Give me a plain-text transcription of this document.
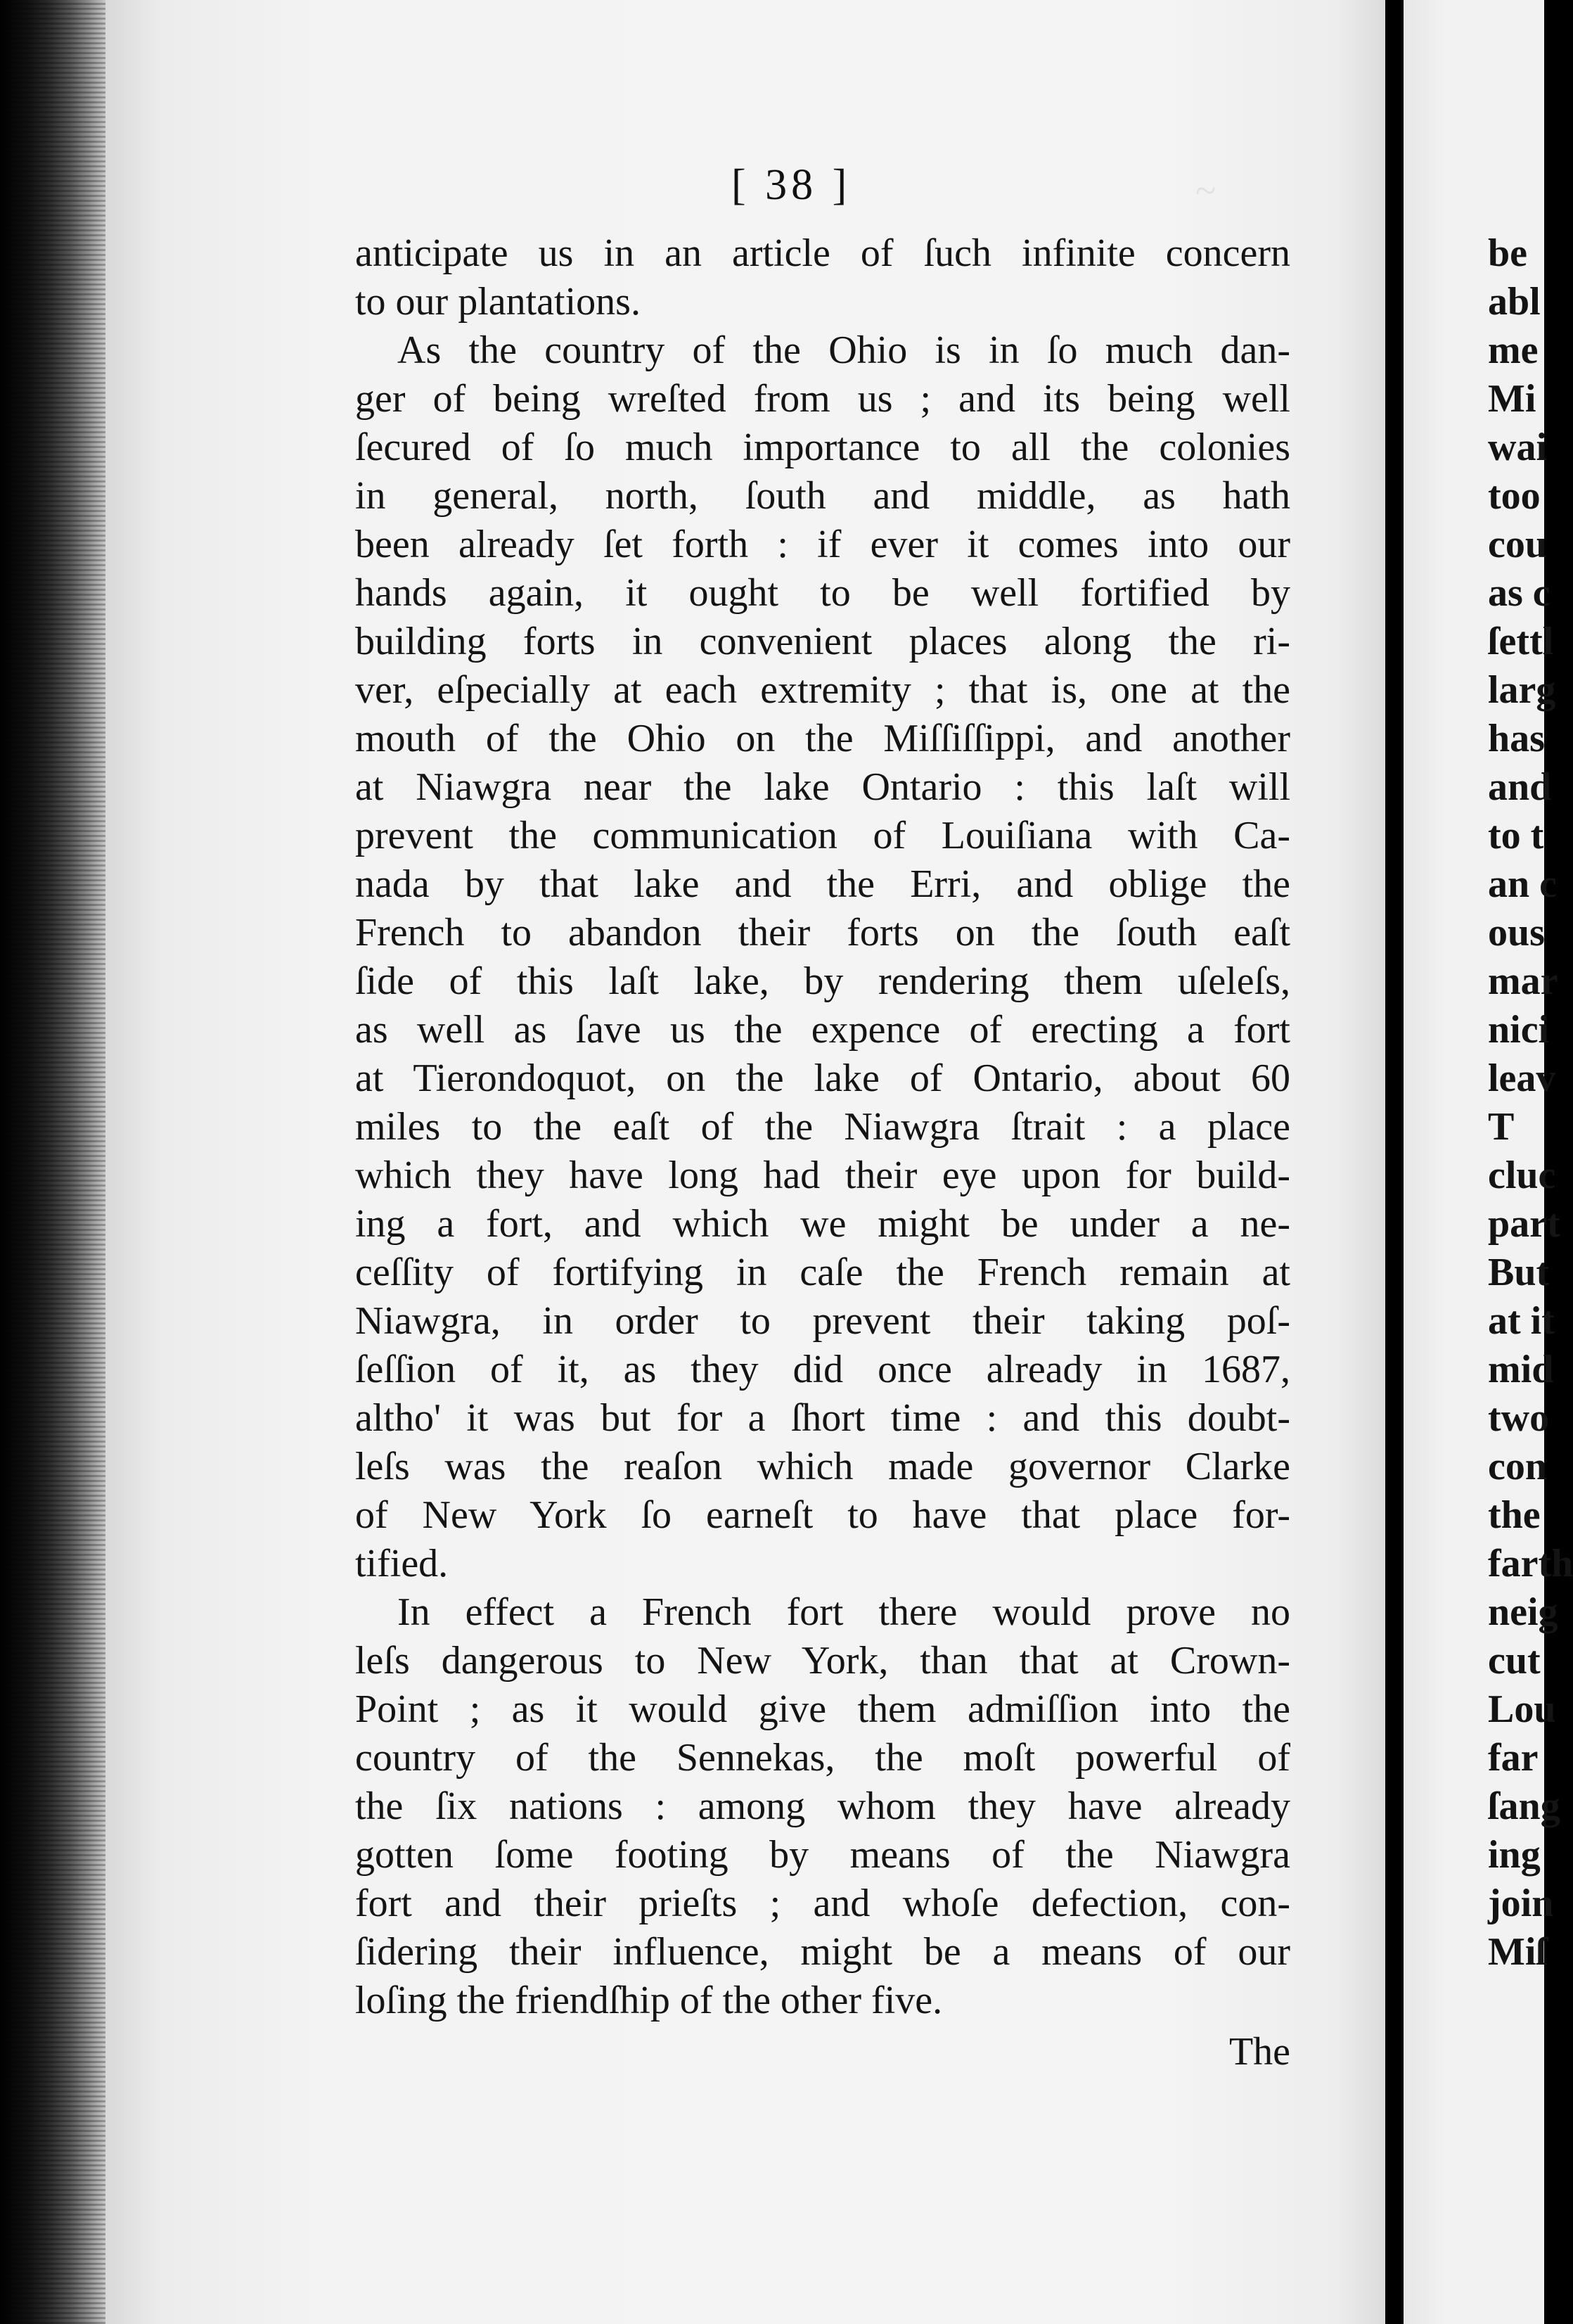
~
[ 38 ]
anticipate us in an article of ſuch infinite concern
to our plantations.
As the country of the Ohio is in ſo much dan-
ger of being wreſted from us ; and its being well
ſecured of ſo much importance to all the colonies
in general, north, ſouth and middle, as hath
been already ſet forth : if ever it comes into our
hands again, it ought to be well fortified by
building forts in convenient places along the ri-
ver, eſpecially at each extremity ; that is, one at the
mouth of the Ohio on the Miſſiſſippi, and another
at Niawgra near the lake Ontario : this laſt will
prevent the communication of Louiſiana with Ca-
nada by that lake and the Erri, and oblige the
French to abandon their forts on the ſouth eaſt
ſide of this laſt lake, by rendering them uſeleſs,
as well as ſave us the expence of erecting a fort
at Tierondoquot, on the lake of Ontario, about 60
miles to the eaſt of the Niawgra ſtrait : a place
which they have long had their eye upon for build-
ing a fort, and which we might be under a ne-
ceſſity of fortifying in caſe the French remain at
Niawgra, in order to prevent their taking poſ-
ſeſſion of it, as they did once already in 1687,
altho' it was but for a ſhort time : and this doubt-
leſs was the reaſon which made governor Clarke
of New York ſo earneſt to have that place for-
tified.
In effect a French fort there would prove no
leſs dangerous to New York, than that at Crown-
Point ; as it would give them admiſſion into the
country of the Sennekas, the moſt powerful of
the ſix nations : among whom they have already
gotten ſome footing by means of the Niawgra
fort and their prieſts ; and whoſe defection, con-
ſidering their influence, might be a means of our
loſing the friendſhip of the other five.
The
be
abl
me
Mi
wai
too
cou
as c
ſettl
larg
has
and
to t
an c
ous
mar
nici
leav
T
cluc
part
But
at it
mid
two
con
the
farth
neig
cut
Lou
far
ſang
ing
join
Miſ
